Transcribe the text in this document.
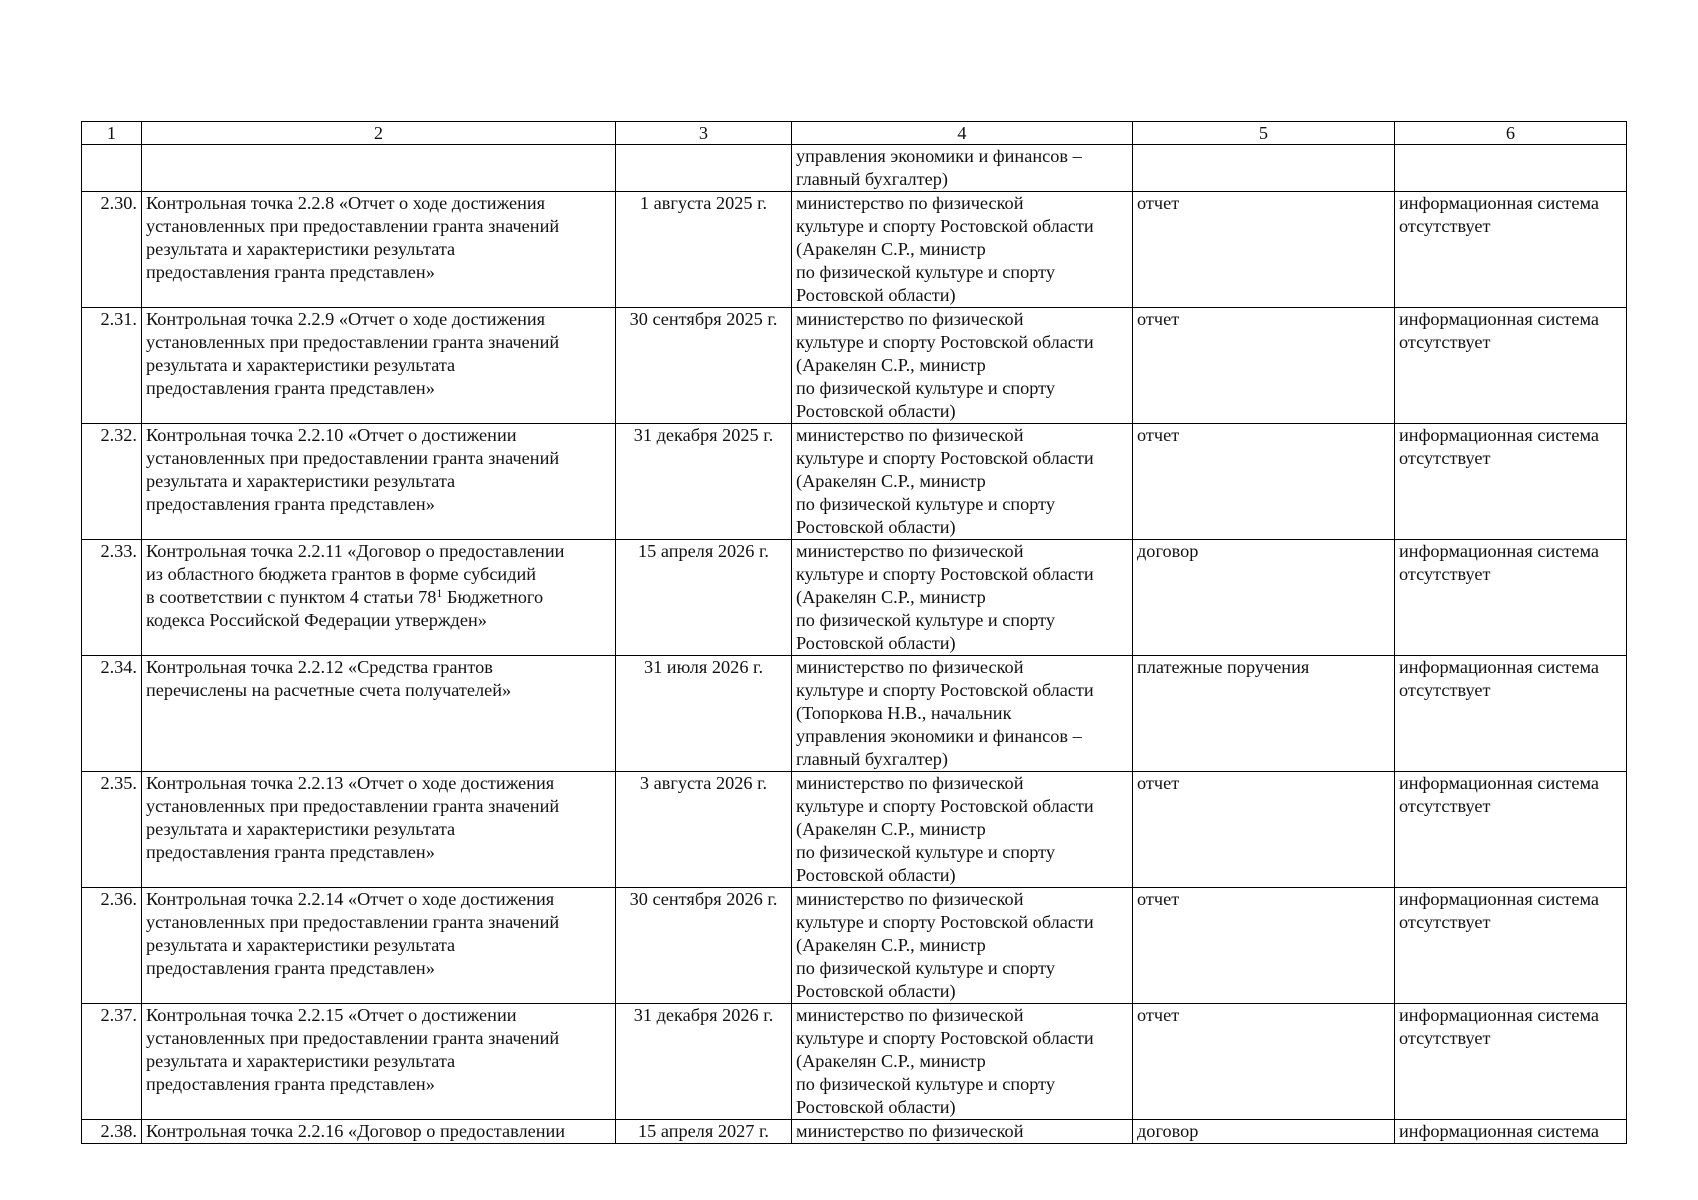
1	2	3	4	5	6
			управления экономики и финансов –
главный бухгалтер)		
2.30.	Контрольная точка 2.2.8 «Отчет о ходе достижения
установленных при предоставлении гранта значений
результата и характеристики результата
предоставления гранта представлен»	1 августа 2025 г.	министерство по физической
культуре и спорту Ростовской области
(Аракелян С.Р., министр
по физической культуре и спорту
Ростовской области)	отчет	информационная система
отсутствует
2.31.	Контрольная точка 2.2.9 «Отчет о ходе достижения
установленных при предоставлении гранта значений
результата и характеристики результата
предоставления гранта представлен»	30 сентября 2025 г.	министерство по физической
культуре и спорту Ростовской области
(Аракелян С.Р., министр
по физической культуре и спорту
Ростовской области)	отчет	информационная система
отсутствует
2.32.	Контрольная точка 2.2.10 «Отчет о достижении
установленных при предоставлении гранта значений
результата и характеристики результата
предоставления гранта представлен»	31 декабря 2025 г.	министерство по физической
культуре и спорту Ростовской области
(Аракелян С.Р., министр
по физической культуре и спорту
Ростовской области)	отчет	информационная система
отсутствует
2.33.	Контрольная точка 2.2.11 «Договор о предоставлении
из областного бюджета грантов в форме субсидий
в соответствии с пунктом 4 статьи $78^1$ Бюджетного
кодекса Российской Федерации утвержден»	15 апреля 2026 г.	министерство по физической
культуре и спорту Ростовской области
(Аракелян С.Р., министр
по физической культуре и спорту
Ростовской области)	договор	информационная система
отсутствует
2.34.	Контрольная точка 2.2.12 «Средства грантов
перечислены на расчетные счета получателей»	31 июля 2026 г.	министерство по физической
культуре и спорту Ростовской области
(Топоркова Н.В., начальник
управления экономики и финансов –
главный бухгалтер)	платежные поручения	информационная система
отсутствует
2.35.	Контрольная точка 2.2.13 «Отчет о ходе достижения
установленных при предоставлении гранта значений
результата и характеристики результата
предоставления гранта представлен»	3 августа 2026 г.	министерство по физической
культуре и спорту Ростовской области
(Аракелян С.Р., министр
по физической культуре и спорту
Ростовской области)	отчет	информационная система
отсутствует
2.36.	Контрольная точка 2.2.14 «Отчет о ходе достижения
установленных при предоставлении гранта значений
результата и характеристики результата
предоставления гранта представлен»	30 сентября 2026 г.	министерство по физической
культуре и спорту Ростовской области
(Аракелян С.Р., министр
по физической культуре и спорту
Ростовской области)	отчет	информационная система
отсутствует
2.37.	Контрольная точка 2.2.15 «Отчет о достижении
установленных при предоставлении гранта значений
результата и характеристики результата
предоставления гранта представлен»	31 декабря 2026 г.	министерство по физической
культуре и спорту Ростовской области
(Аракелян С.Р., министр
по физической культуре и спорту
Ростовской области)	отчет	информационная система
отсутствует
2.38.	Контрольная точка 2.2.16 «Договор о предоставлении	15 апреля 2027 г.	министерство по физической	договор	информационная система
